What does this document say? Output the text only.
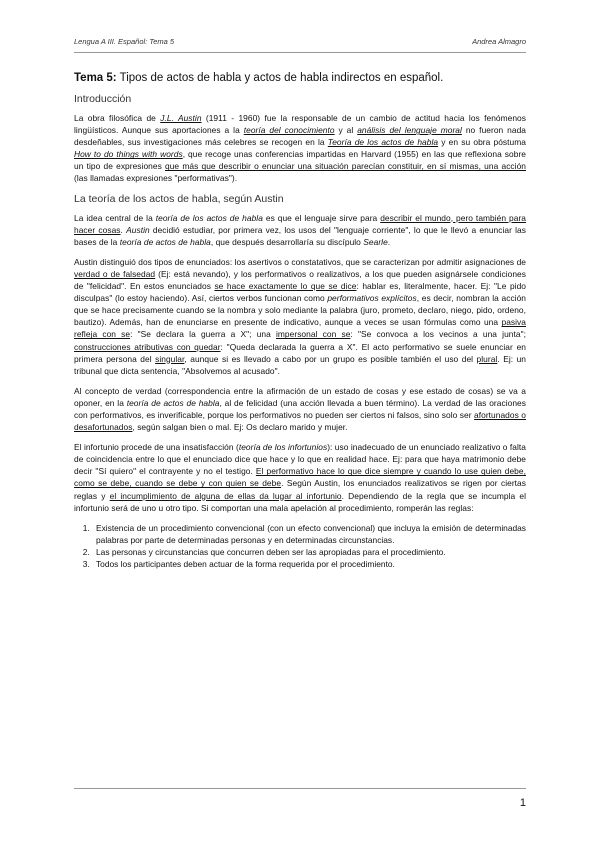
Lengua A III. Español: Tema 5	Andrea Almagro
Tema 5: Tipos de actos de habla y actos de habla indirectos en español.
Introducción

La obra filosófica de J.L. Austin (1911 - 1960) fue la responsable de un cambio de actitud hacia los fenómenos lingüísticos. Aunque sus aportaciones a la teoría del conocimiento y al análisis del lenguaje moral no fueron nada desdeñables, sus investigaciones más celebres se recogen en la Teoría de los actos de habla y en su obra póstuma How to do things with words, que recoge unas conferencias impartidas en Harvard (1955) en las que reflexiona sobre un tipo de expresiones que más que describir o enunciar una situación parecían constituir, en sí mismas, una acción (las llamadas expresiones "performativas").

La teoría de los actos de habla, según Austin

La idea central de la teoría de los actos de habla es que el lenguaje sirve para describir el mundo, pero también para hacer cosas. Austin decidió estudiar, por primera vez, los usos del "lenguaje corriente", lo que le llevó a enunciar las bases de la teoría de actos de habla, que después desarrollaría su discípulo Searle.

Austin distinguió dos tipos de enunciados: los asertivos o constatativos, que se caracterizan por admitir asignaciones de verdad o de falsedad (Ej: está nevando), y los performativos o realizativos, a los que pueden asignársele condiciones de "felicidad". En estos enunciados se hace exactamente lo que se dice: hablar es, literalmente, hacer. Ej: "Le pido disculpas" (lo estoy haciendo). Así, ciertos verbos funcionan como performativos explícitos, es decir, nombran la acción que se hace precisamente cuando se la nombra y solo mediante la palabra (juro, prometo, declaro, niego, pido, ordeno, bautizo). Además, han de enunciarse en presente de indicativo, aunque a veces se usan fórmulas como una pasiva refleja con se: "Se declara la guerra a X"; una impersonal con se: "Se convoca a los vecinos a una junta"; construcciones atributivas con quedar: "Queda declarada la guerra a X". El acto performativo se suele enunciar en primera persona del singular, aunque si es llevado a cabo por un grupo es posible también el uso del plural. Ej: un tribunal que dicta sentencia, "Absolvemos al acusado".

Al concepto de verdad (correspondencia entre la afirmación de un estado de cosas y ese estado de cosas) se va a oponer, en la teoría de actos de habla, al de felicidad (una acción llevada a buen término). La verdad de las oraciones con performativos, es inverificable, porque los performativos no pueden ser ciertos ni falsos, sino solo ser afortunados o desafortunados, según salgan bien o mal. Ej: Os declaro marido y mujer.

El infortunio procede de una insatisfacción (teoría de los infortunios): uso inadecuado de un enunciado realizativo o falta de coincidencia entre lo que el enunciado dice que hace y lo que en realidad hace. Ej: para que haya matrimonio debe decir "Sí quiero" el contrayente y no el testigo. El performativo hace lo que dice siempre y cuando lo use quien debe, como se debe, cuando se debe y con quien se debe. Según Austin, los enunciados realizativos se rigen por ciertas reglas y el incumplimiento de alguna de ellas da lugar al infortunio. Dependiendo de la regla que se incumpla el infortunio será de uno u otro tipo. Si comportan una mala apelación al procedimiento, romperán las reglas:

1. Existencia de un procedimiento convencional (con un efecto convencional) que incluya la emisión de determinadas palabras por parte de determinadas personas y en determinadas circunstancias.
2. Las personas y circunstancias que concurren deben ser las apropiadas para el procedimiento.
3. Todos los participantes deben actuar de la forma requerida por el procedimiento.
1
